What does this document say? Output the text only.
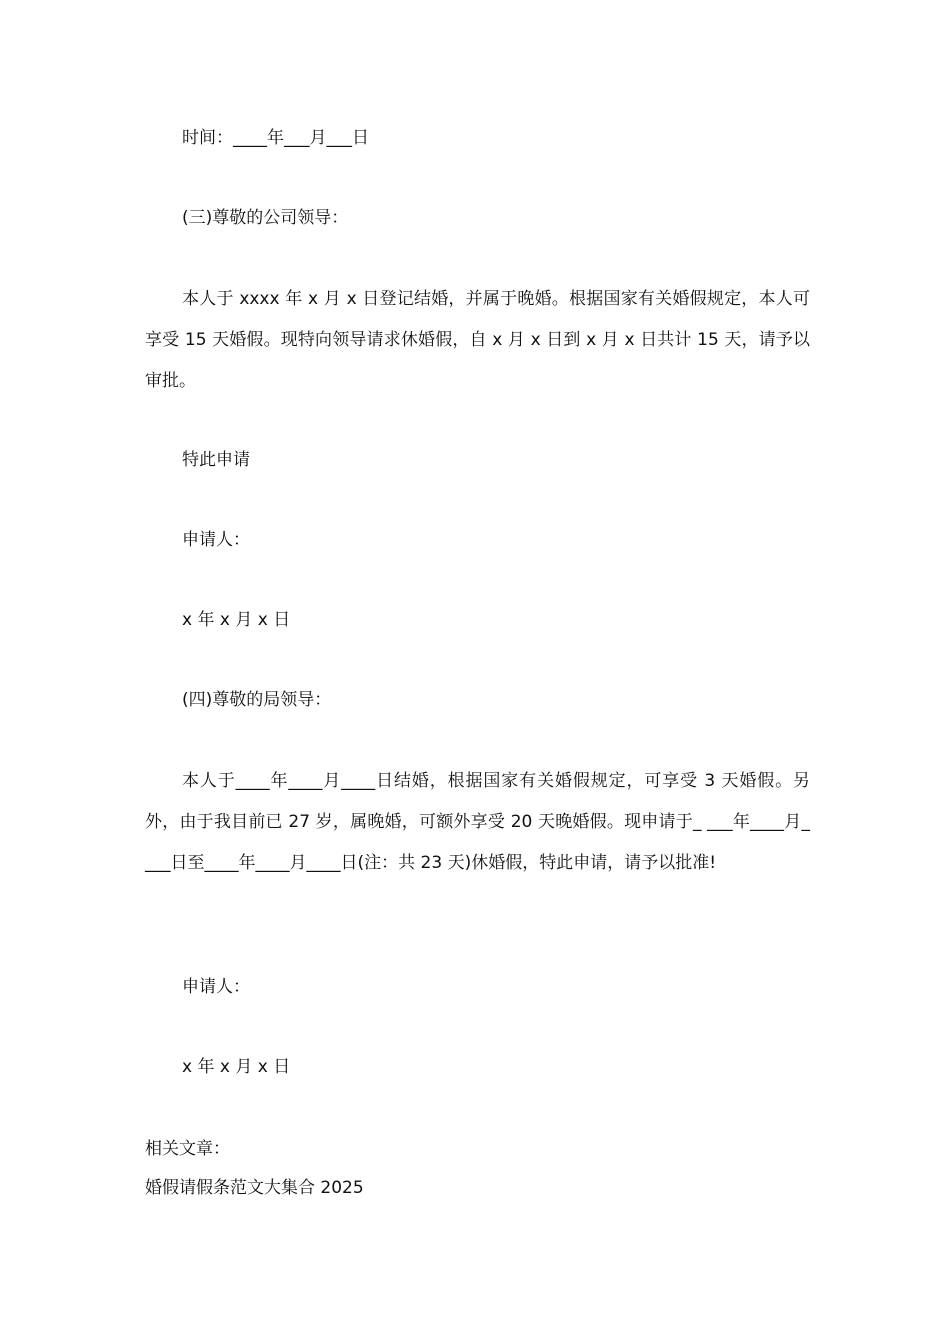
时间：____年___月___日

(三)尊敬的公司领导：

本人于 xxxx 年 x 月 x 日登记结婚，并属于晚婚。根据国家有关婚假规定，本人可享受 15 天婚假。现特向领导请求休婚假，自 x 月 x 日到 x 月 x 日共计 15 天，请予以审批。

特此申请

申请人：

x 年 x 月 x 日

(四)尊敬的局领导：

本人于____年____月____日结婚，根据国家有关婚假规定，可享受 3 天婚假。另外，由于我目前已 27 岁，属晚婚，可额外享受 20 天晚婚假。现申请于_ ___年____月____日至____年____月____日(注：共 23 天)休婚假，特此申请，请予以批准!

申请人：

x 年 x 月 x 日

相关文章：

婚假请假条范文大集合 2025
